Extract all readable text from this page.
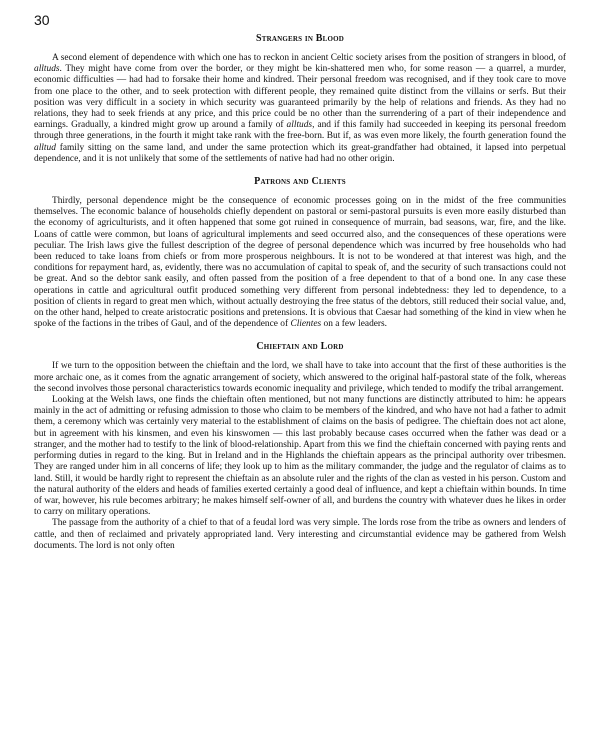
30
Strangers in Blood

A second element of dependence with which one has to reckon in ancient Celtic society arises from the position of strangers in blood, of alltuds. They might have come from over the border, or they might be kin-shattered men who, for some reason — a quarrel, a murder, economic difficulties — had had to forsake their home and kindred. Their personal freedom was recognised, and if they took care to move from one place to the other, and to seek protection with different people, they remained quite distinct from the villains or serfs. But their position was very difficult in a society in which security was guaranteed primarily by the help of relations and friends. As they had no relations, they had to seek friends at any price, and this price could be no other than the surrendering of a part of their independence and earnings. Gradually, a kindred might grow up around a family of alltuds, and if this family had succeeded in keeping its personal freedom through three generations, in the fourth it might take rank with the free-born. But if, as was even more likely, the fourth generation found the alltud family sitting on the same land, and under the same protection which its great-grandfather had obtained, it lapsed into perpetual dependence, and it is not unlikely that some of the settlements of native had had no other origin.

Patrons and Clients

Thirdly, personal dependence might be the consequence of economic processes going on in the midst of the free communities themselves. The economic balance of households chiefly dependent on pastoral or semi-pastoral pursuits is even more easily disturbed than the economy of agriculturists, and it often happened that some got ruined in consequence of murrain, bad seasons, war, fire, and the like. Loans of cattle were common, but loans of agricultural implements and seed occurred also, and the consequences of these operations were peculiar. The Irish laws give the fullest description of the degree of personal dependence which was incurred by free households who had been reduced to take loans from chiefs or from more prosperous neighbours. It is not to be wondered at that interest was high, and the conditions for repayment hard, as, evidently, there was no accumulation of capital to speak of, and the security of such transactions could not be great. And so the debtor sank easily, and often passed from the position of a free dependent to that of a bond one. In any case these operations in cattle and agricultural outfit produced something very different from personal indebtedness: they led to dependence, to a position of clients in regard to great men which, without actually destroying the free status of the debtors, still reduced their social value, and, on the other hand, helped to create aristocratic positions and pretensions. It is obvious that Caesar had something of the kind in view when he spoke of the factions in the tribes of Gaul, and of the dependence of Clientes on a few leaders.

Chieftain and Lord

If we turn to the opposition between the chieftain and the lord, we shall have to take into account that the first of these authorities is the more archaic one, as it comes from the agnatic arrangement of society, which answered to the original half-pastoral state of the folk, whereas the second involves those personal characteristics towards economic inequality and privilege, which tended to modify the tribal arrangement.

Looking at the Welsh laws, one finds the chieftain often mentioned, but not many functions are distinctly attributed to him: he appears mainly in the act of admitting or refusing admission to those who claim to be members of the kindred, and who have not had a father to admit them, a ceremony which was certainly very material to the establishment of claims on the basis of pedigree. The chieftain does not act alone, but in agreement with his kinsmen, and even his kinswomen — this last probably because cases occurred when the father was dead or a stranger, and the mother had to testify to the link of blood-relationship. Apart from this we find the chieftain concerned with paying rents and performing duties in regard to the king. But in Ireland and in the Highlands the chieftain appears as the principal authority over tribesmen. They are ranged under him in all concerns of life; they look up to him as the military commander, the judge and the regulator of claims as to land. Still, it would be hardly right to represent the chieftain as an absolute ruler and the rights of the clan as vested in his person. Custom and the natural authority of the elders and heads of families exerted certainly a good deal of influence, and kept a chieftain within bounds. In time of war, however, his rule becomes arbitrary; he makes himself self-owner of all, and burdens the country with whatever dues he likes in order to carry on military operations.

The passage from the authority of a chief to that of a feudal lord was very simple. The lords rose from the tribe as owners and lenders of cattle, and then of reclaimed and privately appropriated land. Very interesting and circumstantial evidence may be gathered from Welsh documents. The lord is not only often
